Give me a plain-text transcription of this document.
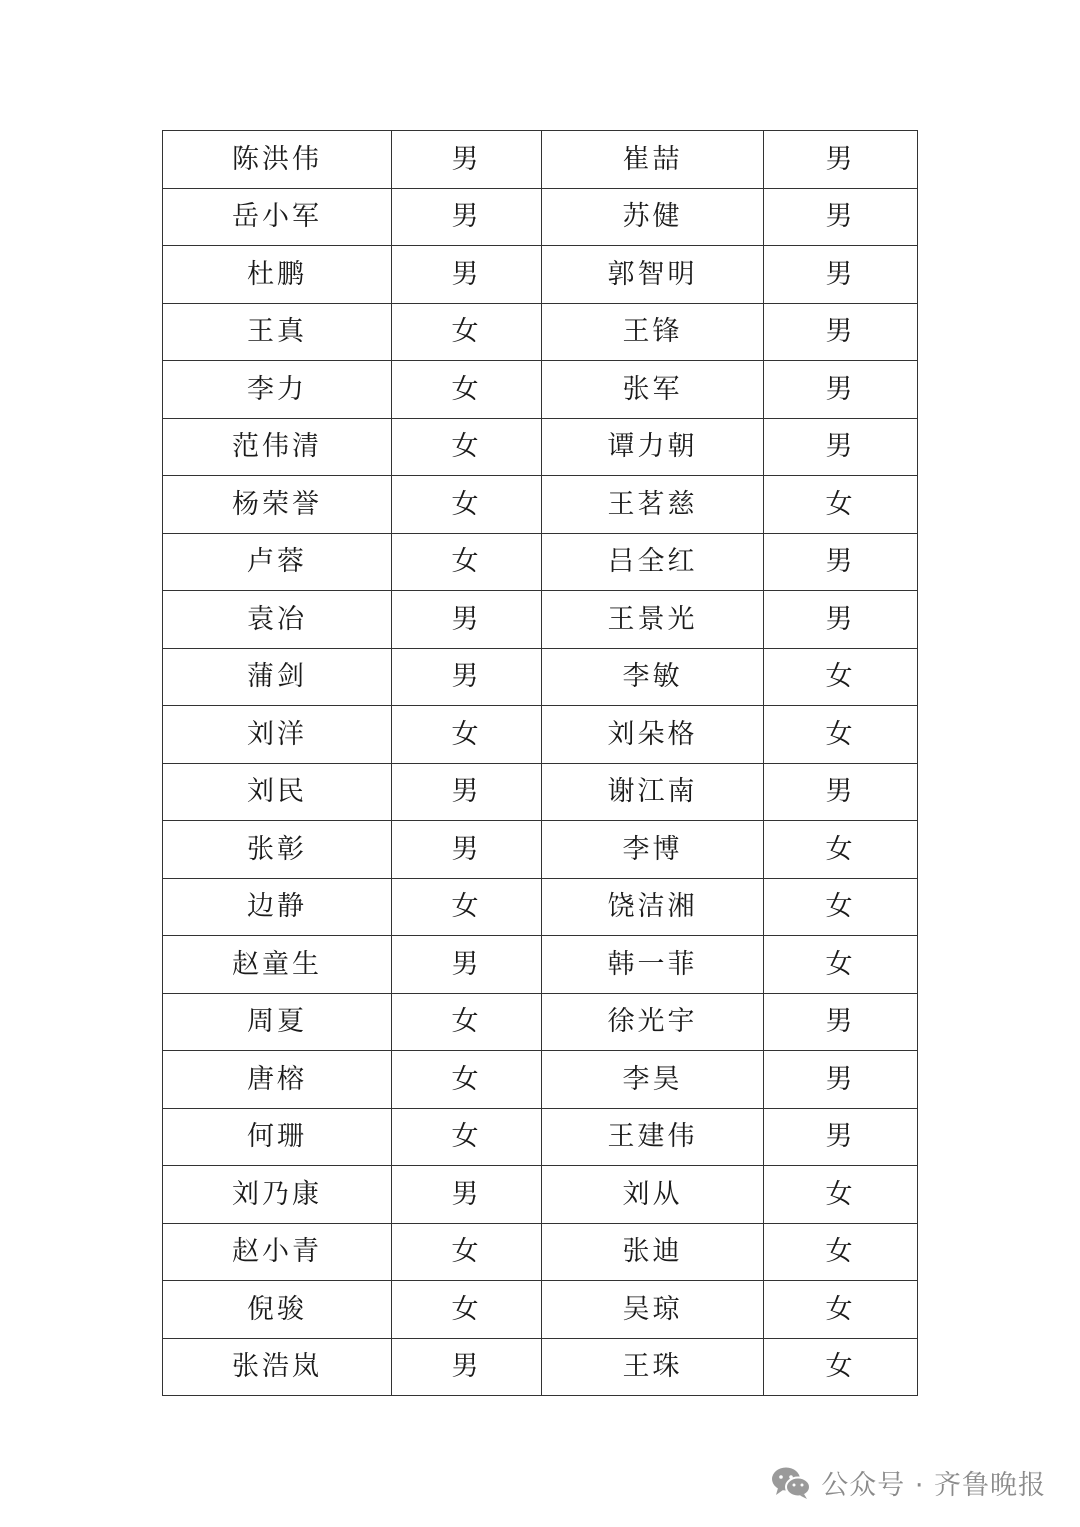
陈洪伟	男	崔喆	男
岳小军	男	苏健	男
杜鹏	男	郭智明	男
王真	女	王锋	男
李力	女	张军	男
范伟清	女	谭力朝	男
杨荣誉	女	王茗慈	女
卢蓉	女	吕全红	男
袁冶	男	王景光	男
蒲剑	男	李敏	女
刘洋	女	刘朵格	女
刘民	男	谢江南	男
张彰	男	李博	女
边静	女	饶洁湘	女
赵童生	男	韩一菲	女
周夏	女	徐光宇	男
唐榕	女	李昊	男
何珊	女	王建伟	男
刘乃康	男	刘从	女
赵小青	女	张迪	女
倪骏	女	吴琼	女
张浩岚	男	王珠	女
公众号 · 齐鲁晚报
